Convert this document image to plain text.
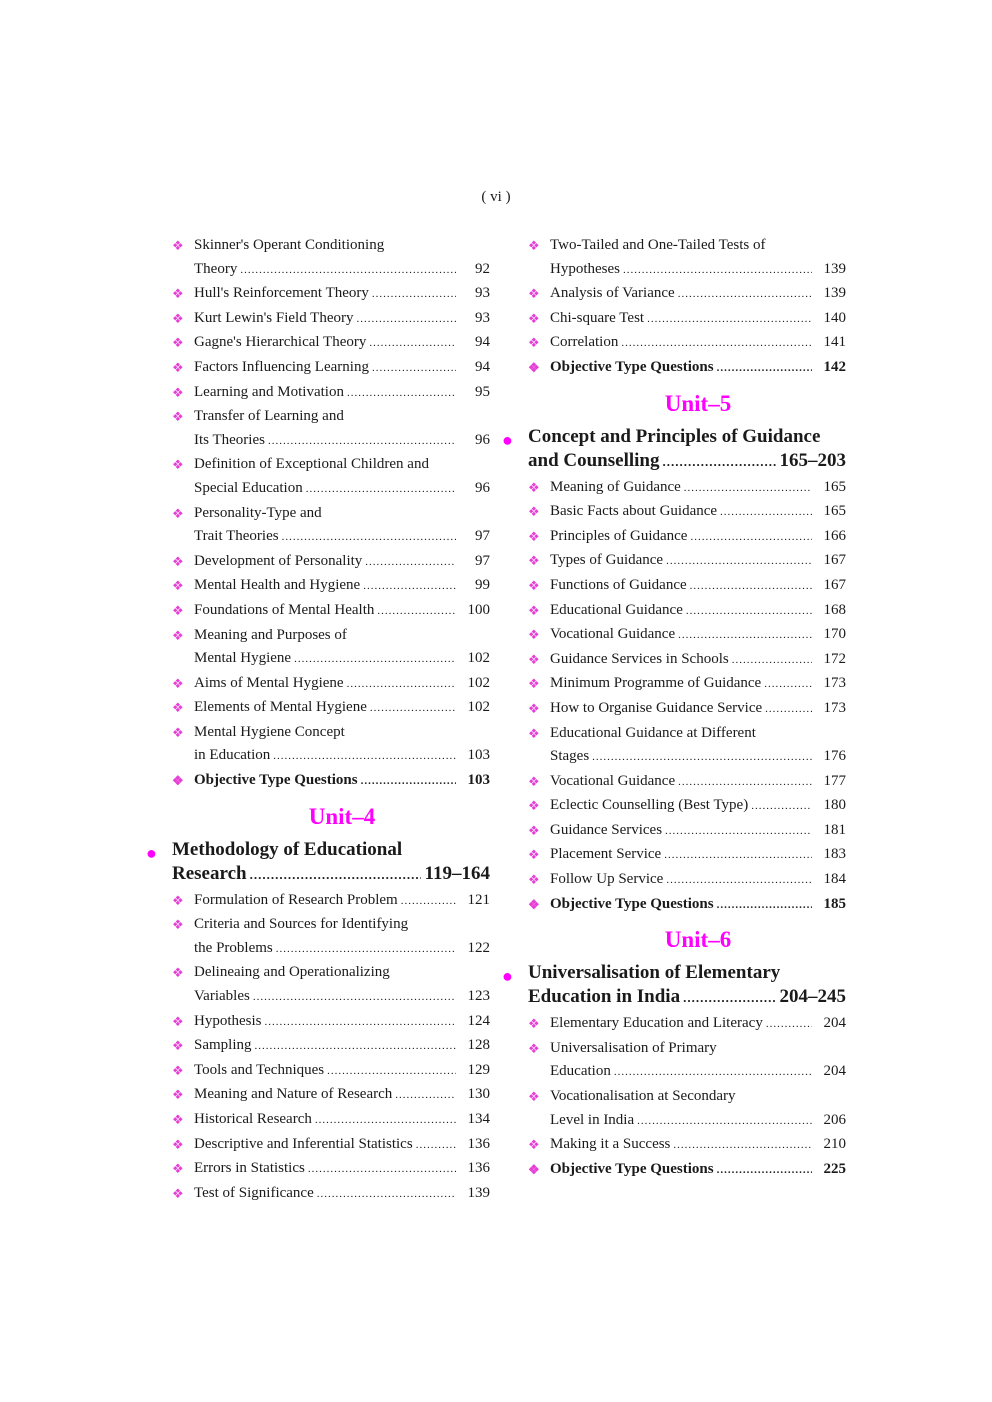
( vi )
❖ Skinner's Operant Conditioning
Theory .....	92
❖ Hull's Reinforcement Theory .....	93
❖ Kurt Lewin's Field Theory .....	93
❖ Gagne's Hierarchical Theory .....	94
❖ Factors Influencing Learning .....	94
❖ Learning and Motivation .....	95
❖ Transfer of Learning and
Its Theories .....	96
❖ Definition of Exceptional Children and
Special Education .....	96
❖ Personality-Type and
Trait Theories .....	97
❖ Development of Personality .....	97
❖ Mental Health and Hygiene .....	99
❖ Foundations of Mental Health .....	100
❖ Meaning and Purposes of
Mental Hygiene .....	102
❖ Aims of Mental Hygiene .....	102
❖ Elements of Mental Hygiene .....	102
❖ Mental Hygiene Concept
in Education .....	103
❖ Objective Type Questions .....	103
Unit–4
● Methodology of Educational
Research .....	119–164
❖ Formulation of Research Problem .....	121
❖ Criteria and Sources for Identifying
the Problems .....	122
❖ Delineaing and Operationalizing
Variables .....	123
❖ Hypothesis .....	124
❖ Sampling .....	128
❖ Tools and Techniques .....	129
❖ Meaning and Nature of Research .....	130
❖ Historical Research .....	134
❖ Descriptive and Inferential Statistics .....	136
❖ Errors in Statistics .....	136
❖ Test of Significance .....	139
❖ Two-Tailed and One-Tailed Tests of
Hypotheses .....	139
❖ Analysis of Variance .....	139
❖ Chi-square Test .....	140
❖ Correlation .....	141
❖ Objective Type Questions .....	142
Unit–5
● Concept and Principles of Guidance
and Counselling .....	165–203
❖ Meaning of Guidance .....	165
❖ Basic Facts about Guidance .....	165
❖ Principles of Guidance .....	166
❖ Types of Guidance .....	167
❖ Functions of Guidance .....	167
❖ Educational Guidance .....	168
❖ Vocational Guidance .....	170
❖ Guidance Services in Schools .....	172
❖ Minimum Programme of Guidance .....	173
❖ How to Organise Guidance Service .....	173
❖ Educational Guidance at Different
Stages .....	176
❖ Vocational Guidance .....	177
❖ Eclectic Counselling (Best Type) .....	180
❖ Guidance Services .....	181
❖ Placement Service .....	183
❖ Follow Up Service .....	184
❖ Objective Type Questions .....	185
Unit–6
● Universalisation of Elementary
Education in India .....	204–245
❖ Elementary Education and Literacy .....	204
❖ Universalisation of Primary
Education .....	204
❖ Vocationalisation at Secondary
Level in India .....	206
❖ Making it a Success .....	210
❖ Objective Type Questions .....	225
